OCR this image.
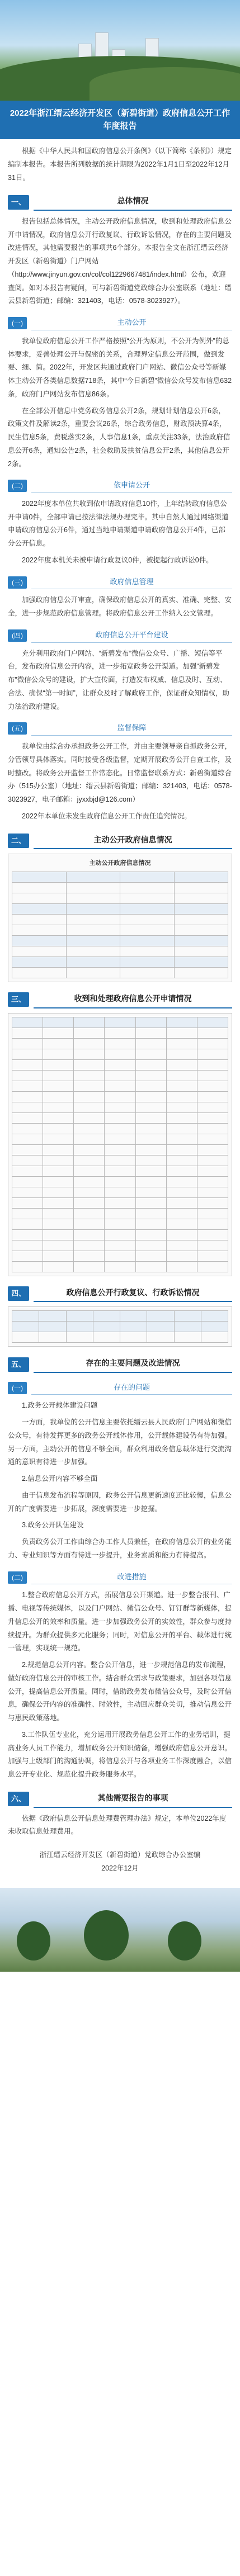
2022年浙江缙云经济开发区（新碧街道）政府信息公开工作年度报告

根据《中华人民共和国政府信息公开条例》（以下简称《条例》）规定编制本报告。本报告所列数据的统计期限为2022年1月1日至2022年12月31日。

一、	总体情况

报告包括总体情况，主动公开政府信息情况，收到和处理政府信息公开申请情况，政府信息公开行政复议、行政诉讼情况，存在的主要问题及改进情况，其他需要报告的事项共6个部分。本报告全文在浙江缙云经济开发区（新碧街道）门户网站（http://www.jinyun.gov.cn/col/col1229667481/index.html）公布，欢迎查阅。如对本报告有疑问，可与新碧街道党政综合办公室联系（地址：缙云县新碧街道；邮编：321403，电话：0578-3023927）。

(一)	主动公开

我单位政府信息公开工作严格按照“公开为原则，不公开为例外”的总体要求，妥善处理公开与保密的关系，合理界定信息公开范围，做到发要、细、简。2022年，开发区共通过政府门户网站、微信公众号等新媒体主动公开各类信息数据718条，其中“今日新碧”微信公众号发布信息632条，政府门户网站发布信息86条。

在全部公开信息中党务政务信息公开2条，规划计划信息公开6条，政策文件及解读2条，重要会议26条，综合政务信息，财政预决算4条，民生信息5条，费税落实2条，人事信息1条，重点关注33条，法治政府信息公开6条，通知公告2条，社会救助及扶贫信息公开2条，其他信息公开2条。

(二)	依申请公开

2022年度本单位共收到依申请政府信息10件，上年结转政府信息公开申请0件，全部申请已按法律法规办理完毕。其中自然人通过网络渠道申请政府信息公开6件，通过当地申请渠道申请政府信息公开4件，已部分公开信息。

2022年度本机关未被申请行政复议0件，被提起行政诉讼0件。

(三)	政府信息管理

加强政府信息公开审查，确保政府信息公开的真实、准确、完整、安全，进一步规范政府信息管理。将政府信息公开工作纳入公文管理。

(四)	政府信息公开平台建设

充分利用政府门户网站、“新碧发布”微信公众号、广播、短信等平台，发布政府信息公开内容，进一步拓宽政务公开渠道。加强“新碧发布”微信公众号的建设，扩大宣传面，打造发布权威、信息及时、互动、合法、确保“第一时间”，让群众及时了解政府工作，保证群众知情权，助力法治政府建设。

(五)	监督保障

我单位由综合办承担政务公开工作，并由主要领导亲自抓政务公开，分管领导具体落实。同时接受各级监督，定期开展政务公开自查工作，及时整改。将政务公开监督工作常态化。日常监督联系方式：新碧街道综合办（515办公室）（地址：缙云县新碧街道；邮编：321403，电话：0578-3023927，电子邮箱：jyxxbjd@126.com）

2022年本单位未发生政府信息公开工作责任追究情况。

二、	主动公开政府信息情况
主动公开政府信息情况

三、	收到和处理政府信息公开申请情况

四、	政府信息公开行政复议、行政诉讼情况

五、	存在的主要问题及改进情况
(一)	存在的问题

1.政务公开载体建设问题

一方面，我单位的公开信息主要依托缙云县人民政府门户网站和微信公众号，有待发挥更多的政务公开载体作用，公开载体建设仍有待加强。另一方面，主动公开的信息不够全面，群众利用政务信息载体进行交流沟通的意识有待进一步加强。

2.信息公开内容不够全面

由于信息发布流程等原因，政务公开信息更新速度还比较慢，信息公开的广度需要进一步拓展，深度需要进一步挖掘。

3.政务公开队伍建设

负责政务公开工作由综合办工作人员兼任，在政府信息公开的业务能力、专业知识等方面有待进一步提升，业务素质和能力有待提高。

(二)	改进措施

1.整合政府信息公开方式，拓展信息公开渠道。进一步整合报刊、广播、电视等传统媒体，以及门户网站、微信公众号、钉钉群等新媒体，提升信息公开的效率和质量。进一步加强政务公开的实效性，群众参与度持续提升。为群众提供多元化服务；同时，对信息公开的平台、载体进行统一管理，实现统一规范。

2.规范信息公开内容。整合公开信息，进一步规范信息的发布流程，做好政府信息公开的审核工作。结合群众需求与政策要求，加强各项信息公开，提高信息公开质量。同时，借助政务发布微信公众号，及时公开信息，确保公开内容的准确性、时效性，主动回应群众关切，推动信息公开与惠民政策落地。

3.工作队伍专业化，充分运用开展政务信息公开工作的业务培训，提高业务人员工作能力，增加政务公开知识储备，增强政府信息公开意识。加强与上级部门的沟通协调，将信息公开与各项业务工作深度融合，以信息公开专业化、规范化提升政务服务水平。

六、	其他需要报告的事项

依据《政府信息公开信息处理费管理办法》规定，本单位2022年度未收取信息处理费用。

浙江缙云经济开发区（新碧街道）党政综合办公室编
2022年12月
